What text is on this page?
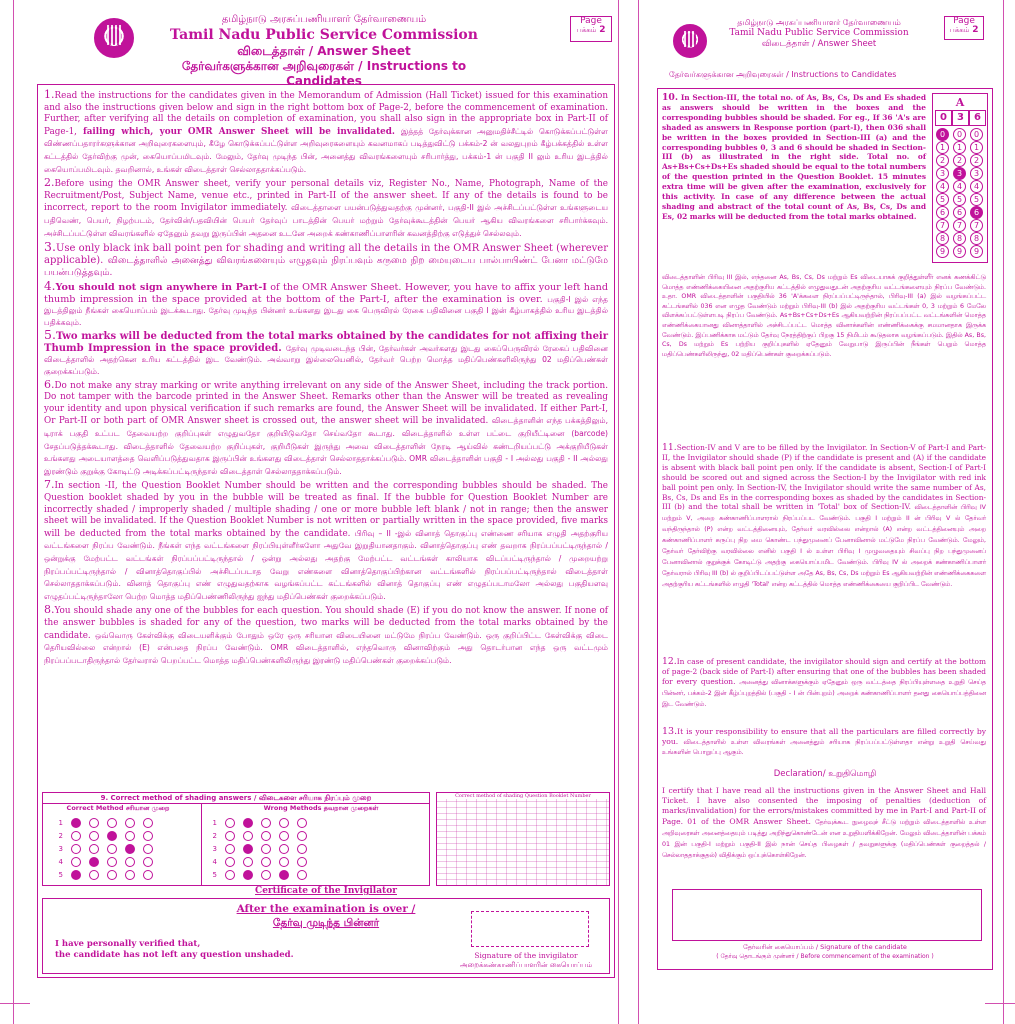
தமிழ்நாடு அரசுப்பணியாளர் தேர்வாணையம்
Tamil Nadu Public Service Commission
விடைத்தாள் / Answer Sheet
தேர்வர்களுக்கான அறிவுரைகள் / Instructions to Candidates
Page
பக்கம் 2
1.Read the instructions for the candidates given in the Memorandum of Admission (Hall Ticket) issued for this examination and also the instructions given below and sign in the right bottom box of Page-2, before the commencement of examination. Further, after verifying all the details on completion of examination, you shall also sign in the appropriate box in Part-II of Page-1, failing which, your OMR Answer Sheet will be invalidated. இத்தத் தேர்வுக்கான அனுமதிச்சீட்டில் கொடுக்கப்பட்டுள்ள விண்ணப்பதாரர்களுக்கான அறிவுரைகளையும், கீழே கொடுக்கப்பட்டுள்ள அறிவுரைகளையும் கவனமாகப் படித்துவிட்டு பக்கம்-2 ன் வலதுபுறம் கீழ்பக்கத்தில் உள்ள கட்டத்தில் தேர்விற்கு முன், கையொப்பமிடவும். மேலும், தேர்வு முடிந்த பின், அனைத்து விவரங்களையும் சரிபார்த்து, பக்கம்-1 ன் பகுதி II லும் உரிய இடத்தில் கையொப்பமிடவும். தவறினால், உங்கள் விடைத்தாள் செல்லாததாக்கப்படும்.
2.Before using the OMR Answer sheet, verify your personal details viz, Register No., Name, Photograph, Name of the Recruitment/Post, Subject Name, venue etc., printed in Part-II of the answer sheet. If any of the details is found to be incorrect, report to the room Invigilator immediately. விடைத்தாளை பயன்படுத்துவதற்கு முன்னர், பகுதி-II இல் அச்சிடப்பட்டுள்ள உங்களுடைய பதிவெண், பெயர், நிழற்படம், தேர்வின்/பதவியின் பெயர் தேர்வுப் பாடத்தின் பெயர் மற்றும் தேர்வுக்கூடத்தின் பெயர் ஆகிய விவரங்களை சரிபார்க்கவும். அச்சிடப்பட்டுள்ள விவரங்களில் ஏதேனும் தவறு இருப்பின் அதனை உடனே அறைக் கண்காணிப்பாளரின் கவனத்திற்கு எடுத்துச் செல்லவும்.
3.Use only black ink ball point pen for shading and writing all the details in the OMR Answer Sheet (wherever applicable). விடைத்தாளில் அனைத்து விவரங்களையும் எழுதவும் நிரப்பவும் கருமை நிற மையுடைய பால்பாயிண்ட் பேனா மட்டுமே பயன்படுத்தவும்.
4.You should not sign anywhere in Part-I of the OMR Answer Sheet. However, you have to affix your left hand thumb impression in the space provided at the bottom of the Part-I, after the examination is over. பகுதி-I இல் எந்த இடத்திலும் நீங்கள் கையொப்பம் இடக்கூடாது. தேர்வு முடிந்த பின்னர் உங்களது இடது கை பெருவிரல் ரேகை பதிவினை பகுதி I இன் கீழ்பாகத்தில் உரிய இடத்தில் பதிக்கவும்.
5.Two marks will be deducted from the total marks obtained by the candidates for not affixing their Thumb Impression in the space provided. தேர்வு முடிவடைந்த பின், தேர்வர்கள் அவர்களது இடது கைப்பெருவிரல் ரேகைப் பதிவினை விடைத்தாளில் அதற்கென உரிய கட்டத்தில் இட வேண்டும். அவ்வாறு இல்லையெனில், தேர்வர் பெற்ற மொத்த மதிப்பெண்களிலிருந்து 02 மதிப்பெண்கள் குறைக்கப்படும்.
6.Do not make any stray marking or write anything irrelevant on any side of the Answer Sheet, including the track portion. Do not tamper with the barcode printed in the Answer Sheet. Remarks other than the Answer will be treated as revealing your identity and upon physical verification if such remarks are found, the Answer Sheet will be invalidated. If either Part-I, Or Part-II or both part of OMR Answer sheet is crossed out, the answer sheet will be invalidated. விடைத்தாளின் எந்த பக்கத்திலும், டிராக் பகுதி உட்பட தேவையற்ற குறிப்புகள் எழுதுவதோ குறியிடுவதோ செய்வதோ கூடாது. விடைத்தாளில் உள்ள பட்டை குறியீட்டினை (barcode) சேதப்படுத்தக்கூடாது. விடைத்தாளில் தேவையற்ற குறிப்புகள், குறியீடுகள் இருந்து அவை விடைத்தாளின் நேரடி ஆய்வில் கண்டறியப்பட்டு அக்குறியீடுகள் உங்களது அடையாளத்தை வெளிப்படுத்துவதாக இருப்பின் உங்களது விடைத்தாள் செல்லாததாக்கப்படும். OMR விடைத்தாளின் பகுதி - I அல்லது பகுதி - II அல்லது இரண்டும் குறுக்கு கோடிட்டு அடிக்கப்பட்டிருந்தால் விடைத்தாள் செல்லாததாக்கப்படும்.
7.In section -II, the Question Booklet Number should be written and the corresponding bubbles should be shaded. The Question booklet shaded by you in the bubble will be treated as final. If the bubble for Question Booklet Number are incorrectly shaded / improperly shaded / multiple shading / one or more bubble left blank / not in range; then the answer sheet will be invalidated. If the Question Booklet Number is not written or partially written in the space provided, five marks will be deducted from the total marks obtained by the candidate. பிரிவு – II -இல் வினாத் தொகுப்பு எண்ணை சரியாக எழுதி அதற்குரிய வட்டங்களை நிரப்ப வேண்டும். நீங்கள் எந்த வட்டங்களை நிரப்பியுள்ளீர்களோ அதுவே இறுதியானதாகும். வினாத்தொகுப்பு எண் தவறாக நிரப்பப்பட்டிருந்தால் / ஒன்றுக்கு மேற்பட்ட வட்டங்கள் நிரப்பப்பட்டிருந்தால் / ஒன்று அல்லது அதற்கு மேற்பட்ட வட்டங்கள் காலியாக விடப்பட்டிருந்தால் / முறையற்று நிரப்பப்பட்டிருந்தால் / வினாத்தொகுப்பில் அச்சிடப்படாத வேறு எண்களை வினாத்தொகுப்பிற்கான வட்டங்களில் நிரப்பப்பட்டிருந்தால் விடைத்தாள் செல்லாததாக்கப்படும். வினாத் தொகுப்பு எண் எழுதுவதற்காக வழங்கப்பட்ட கட்டங்களில் வினாத் தொகுப்பு எண் எழுதப்படாமலோ அல்லது பகுதியளவு எழுதப்பட்டிருந்தாலோ பெற்ற மொத்த மதிப்பெண்ணிலிருந்து ஐந்து மதிப்பெண்கள் குறைக்கப்படும்.
8.You should shade any one of the bubbles for each question. You should shade (E) if you do not know the answer. If none of the answer bubbles is shaded for any of the question, two marks will be deducted from the total marks obtained by the candidate. ஒவ்வொரு கேள்விக்கு விடையளிக்கும் போதும் ஒரே ஒரு சரியான விடையினை மட்டுமே நிரப்ப வேண்டும். ஒரு குறிப்பிட்ட கேள்விக்கு விடை தெரியவில்லை என்றால் (E) என்பதை நிரப்ப வேண்டும். OMR விடைத்தாளில், எந்தவொரு வினாவிற்கும் அது தொடர்பான எந்த ஒரு வட்டமும் நிரப்பப்படாதிருந்தால் தேர்வரால் பெறப்பட்ட மொத்த மதிப்பெண்களிலிருந்து இரண்டு மதிப்பெண்கள் குறைக்கப்படும்.
9. Correct method of shading answers / விடைகளை சரியாக நிரப்பும் முறை
Correct Method சரியான முறை	Wrong Methods தவறான முறைகள்
1	1
2	2
3	3
4	4
5	5
Correct method of shading Question Booklet Number
Certificate of the Invigilator
After the examination is over /
தேர்வு முடிந்த பின்னர்
I have personally verified that,
the candidate has not left any question unshaded.	Signature of the invigilator
அறைக்கண்காணிப்பாளரின் கையொப்பம்
தமிழ்நாடு அரசுப்பணியாளர் தேர்வாணையம்
Tamil Nadu Public Service Commission
விடைத்தாள் / Answer Sheet
தேர்வர்களுக்கான அறிவுரைகள் / Instructions to Candidates
Page
பக்கம் 2
10. In Section-III, the total no. of As, Bs, Cs, Ds and Es shaded as answers should be written in the boxes and the corresponding bubbles should be shaded. For eg., If 36 'A's are shaded as answers in Response portion (part-I), then 036 shall be written in the boxes provided in Section-III (a) and the corresponding bubbles 0, 3 and 6 should be shaded in Section-III (b) as illustrated in the right side. Total no. of As+Bs+Cs+Ds+Es shaded should be equal to the total numbers of the question printed in the Question Booklet. 15 minutes extra time will be given after the examination, exclusively for this activity. In case of any difference between the actual shading and abstract of the total count of As, Bs, Cs, Ds and Es, 02 marks will be deducted from the total marks obtained.
A
0	3	6
0	0	0
1	1	1
2	2	2
3	3	3
4	4	4
5	5	5
6	6	6
7	7	7
8	8	8
9	9	9
விடைத்தாளின் பிரிவு III இல், எந்தனை As, Bs, Cs, Ds மற்றும் Es விடையாகக் குறித்துள்ளீர் எனக் கணக்கிட்டு மொத்த எண்ணிக்கையினை அதற்குரிய கட்டத்தில் எழுதுவதுடன் அதற்குரிய வட்டங்களையும் நிரப்ப வேண்டும். உதா. OMR விடைத்தாளின் பகுதியில் 36 'A'க்களை நிரப்பப்பட்டிருந்தால், பிரிவு-III (a) இல் வழங்கப்பட்ட கட்டங்களில் 036 என எழுத வேண்டும் மற்றும் பிரிவு-III (b) இல் அதற்குரிய வட்டங்கள் 0, 3 மற்றும் 6 மேலே விளக்கப்பட்டுள்ளபடி நிரப்ப வேண்டும். As+Bs+Cs+Ds+Es ஆகியவற்றின் நிரப்பப்பட்ட வட்டங்களின் மொத்த எண்ணிக்கையானது வினாத்தாளில் அச்சிடப்பட்ட மொத்த வினாக்களின் எண்ணிக்கைக்கு சமமானதாக இருக்க வேண்டும். இப்பணிக்காக மட்டும் தேர்வு நேரத்திற்குப் பிறகு 15 நிமிடம் கூடுதலாக வழங்கப்படும். இதில் As, Bs, Cs, Ds மற்றும் Es பற்றிய குறிப்புகளில் ஏதேனும் வேறுபாடு இருப்பின் நீங்கள் பெறும் மொத்த மதிப்பெண்களிலிருந்து, 02 மதிப்பெண்கள் குறைக்கப்படும்.
11.Section-IV and V are to be filled by the Invigilator. In Section-V of Part-I and Part-II, the Invigilator should shade (P) if the candidate is present and (A) if the candidate is absent with black ball point pen only. If the candidate is absent, Section-I of Part-I should be scored out and signed across the Section-I by the Invigilator with red ink ball point pen only. In Section-IV, the Invigilator should write the same number of As, Bs, Cs, Ds and Es in the corresponding boxes as shaded by the candidates in Section-III (b) and the total shall be written in 'Total' box of Section-IV. விடைத்தாளின் பிரிவு IV மற்றும் V, அறை கண்காணிப்பாளரால் நிரப்பப்பட வேண்டும். பகுதி I மற்றும் II ன் பிரிவு V ல் தேர்வர் வந்திருந்தால் (P) என்ற வட்டத்தினையும், தேர்வர் வரவில்லை என்றால் (A) என்ற வட்டத்தினையும் அறை கண்காணிப்பாளர் கருப்பு நிற மை கொண்ட பந்துமுனைப் பேனாவினால் மட்டுமே நிரப்ப வேண்டும். மேலும், தேர்வர் தேர்விற்கு வரவில்லை எனில் பகுதி I ல் உள்ள பிரிவு I முழுவதையும் சிவப்பு நிற பந்துமுனைப் பேனாவினால் குறுக்குக் கோடிட்டு அதற்கு கையொப்பமிட வேண்டும். பிரிவு IV ல் அறைக் கண்காணிப்பாளர் தேர்வரால் பிரிவு III (b) ல் குறிப்பிடப்பட்டுள்ள அதே As, Bs, Cs, Ds மற்றும் Es ஆகியவற்றின் எண்ணிக்கைகளை அதற்குரிய கட்டங்களில் எழுதி 'Total' என்ற கட்டத்தில் மொத்த எண்ணிக்கையை குறிப்பிட வேண்டும்.
12.In case of present candidate, the invigilator should sign and certify at the bottom of page-2 (back side of Part-I) after ensuring that one of the bubbles has been shaded for every question. அனைத்து வினாக்களுக்கும் ஏதேனும் ஒரு வட்டத்தை நிரப்பியுள்ளதை உறுதி செய்த பின்னர், பக்கம்-2 இன் கீழ்ப்புறத்தில் (பகுதி - I ன் பின்புறம்) அறைக் கண்காணிப்பாளர் தனது கையொப்பத்தினை இட வேண்டும்.
13.It is your responsibility to ensure that all the particulars are filled correctly by you. விடைத்தாளில் உள்ள விவரங்கள் அனைத்தும் சரியாக நிரப்பப்பட்டுள்ளதா என்று உறுதி செய்வது உங்களின் பொறுப்பு ஆகும்.
Declaration/ உறுதிமொழி
I certify that I have read all the instructions given in the Answer Sheet and Hall Ticket. I have also consented the imposing of penalties (deduction of marks/invalidation) for the errors/mistakes committed by me in Part-I and Part-II of Page. 01 of the OMR Answer Sheet. தேர்வுக்கூட நுழைவுச் சீட்டு மற்றும் விடைத்தாளில் உள்ள அறிவுரைகள் அனைத்தையும் படித்து அறிந்துகொண்டேன் என உறுதியளிக்கிறேன். மேலும் விடைத்தாளின் பக்கம் 01 இன் பகுதி-I மற்றும் பகுதி-II இல் நான் செய்த பிழைகள் / தவறுகளுக்கு (மதிப்பெண்கள் குறைத்தல் / செல்லாததாக்குதல்) விதிக்கும் ஒப்புக்கொள்கிறேன்.
தேர்வரின் கையொப்பம் / Signature of the candidate
( தேர்வு தொடங்கும் முன்னர் / Before commencement of the examination )
